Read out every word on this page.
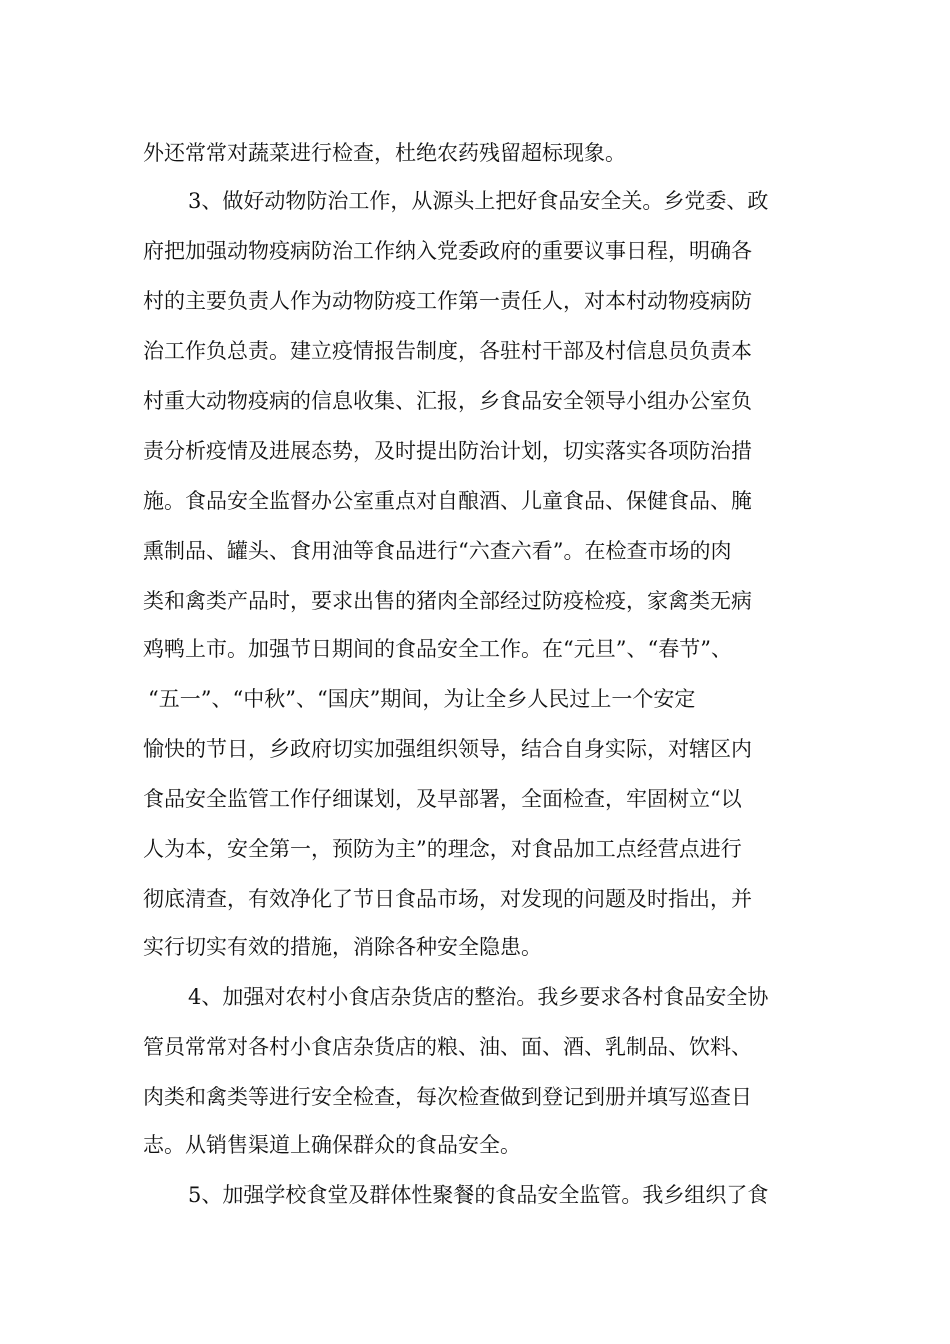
外还常常对蔬菜进行检查，杜绝农药残留超标现象。
3、做好动物防治工作，从源头上把好食品安全关。乡党委、政
府把加强动物疫病防治工作纳入党委政府的重要议事日程，明确各
村的主要负责人作为动物防疫工作第一责任人，对本村动物疫病防
治工作负总责。建立疫情报告制度，各驻村干部及村信息员负责本
村重大动物疫病的信息收集、汇报，乡食品安全领导小组办公室负
责分析疫情及进展态势，及时提出防治计划，切实落实各项防治措
施。食品安全监督办公室重点对自酿酒、儿童食品、保健食品、腌
熏制品、罐头、食用油等食品进行“六查六看”。在检查市场的肉
类和禽类产品时，要求出售的猪肉全部经过防疫检疫，家禽类无病
鸡鸭上市。加强节日期间的食品安全工作。在“元旦”、“春节”、
“五一”、“中秋”、“国庆”期间，为让全乡人民过上一个安定
愉快的节日，乡政府切实加强组织领导，结合自身实际，对辖区内
食品安全监管工作仔细谋划，及早部署，全面检查，牢固树立“以
人为本，安全第一，预防为主”的理念，对食品加工点经营点进行
彻底清查，有效净化了节日食品市场，对发现的问题及时指出，并
实行切实有效的措施，消除各种安全隐患。
4、加强对农村小食店杂货店的整治。我乡要求各村食品安全协
管员常常对各村小食店杂货店的粮、油、面、酒、乳制品、饮料、
肉类和禽类等进行安全检查，每次检查做到登记到册并填写巡查日
志。从销售渠道上确保群众的食品安全。
5、加强学校食堂及群体性聚餐的食品安全监管。我乡组织了食
